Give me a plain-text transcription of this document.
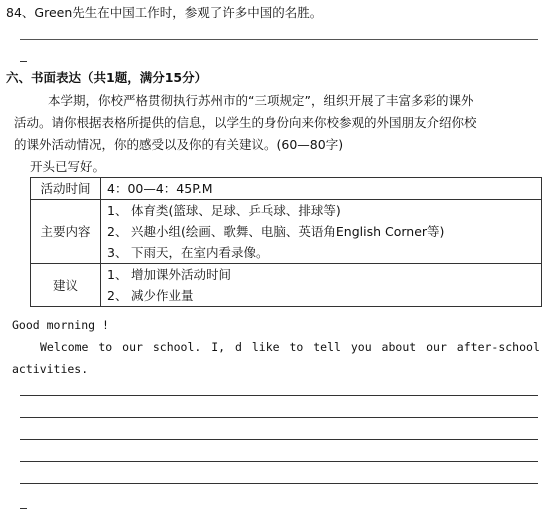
84、Green先生在中国工作时，参观了许多中国的名胜。
六、书面表达（共1题，满分15分）
本学期，你校严格贯彻执行苏州市的“三项规定”，组织开展了丰富多彩的课外
活动。请你根据表格所提供的信息，以学生的身份向来你校参观的外国朋友介绍你校
的课外活动情况，你的感受以及你的有关建议。(60—80字)
开头已写好。
活动时间	4：00—4：45P.M

主要内容	1、 体育类(篮球、足球、乒乓球、排球等)
2、 兴趣小组(绘画、歌舞、电脑、英语角English Corner等)
3、 下雨天，在室内看录像。

建议	1、 增加课外活动时间
2、 减少作业量
Good morning !
Welcome to our school. I, d like to tell you about our after-school
activities.
